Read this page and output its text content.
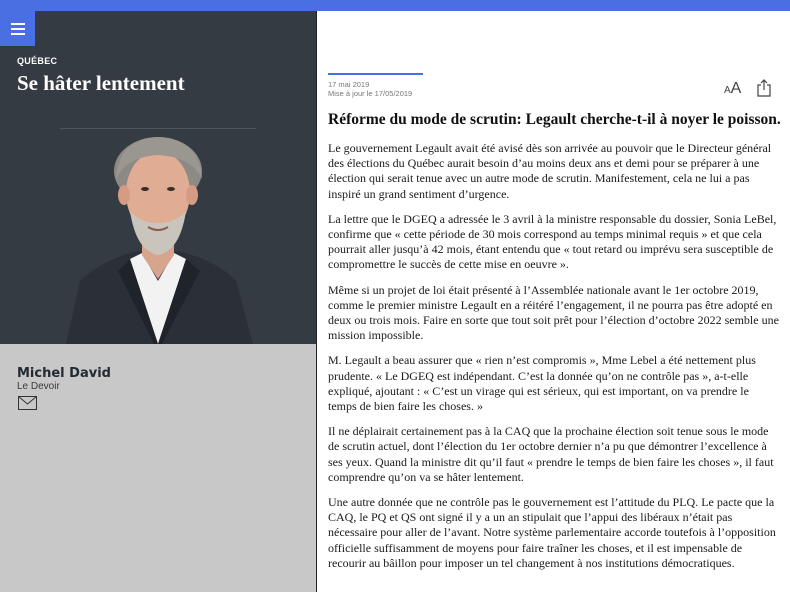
QUÉBEC
Se hâter lentement
Michel David
Le Devoir
17 mai 2019
Mise à jour le 17/05/2019	AA
Réforme du mode de scrutin: Legault cherche-t-il à noyer le poisson.

Le gouvernement Legault avait été avisé dès son arrivée au pouvoir que le Directeur général des élections du Québec aurait besoin d’au moins deux ans et demi pour se préparer à une élection qui serait tenue avec un autre mode de scrutin. Manifestement, cela ne lui a pas inspiré un grand sentiment d’urgence.

La lettre que le DGEQ a adressée le 3 avril à la ministre responsable du dossier, Sonia LeBel, confirme que « cette période de 30 mois correspond au temps minimal requis » et que cela pourrait aller jusqu’à 42 mois, étant entendu que « tout retard ou imprévu sera susceptible de compromettre le succès de cette mise en oeuvre ».

Même si un projet de loi était présenté à l’Assemblée nationale avant le 1er octobre 2019, comme le premier ministre Legault en a réitéré l’engagement, il ne pourra pas être adopté en deux ou trois mois. Faire en sorte que tout soit prêt pour l’élection d’octobre 2022 semble une mission impossible.

M. Legault a beau assurer que « rien n’est compromis », Mme Lebel a été nettement plus prudente. « Le DGEQ est indépendant. C’est la donnée qu’on ne contrôle pas », a-t-elle expliqué, ajoutant : « C’est un virage qui est sérieux, qui est important, on va prendre le temps de bien faire les choses. »

Il ne déplairait certainement pas à la CAQ que la prochaine élection soit tenue sous le mode de scrutin actuel, dont l’élection du 1er octobre dernier n’a pu que démontrer l’excellence à ses yeux. Quand la ministre dit qu’il faut « prendre le temps de bien faire les choses », il faut comprendre qu’on va se hâter lentement.

Une autre donnée que ne contrôle pas le gouvernement est l’attitude du PLQ. Le pacte que la CAQ, le PQ et QS ont signé il y a un an stipulait que l’appui des libéraux n’était pas nécessaire pour aller de l’avant. Notre système parlementaire accorde toutefois à l’opposition officielle suffisamment de moyens pour faire traîner les choses, et il est impensable de recourir au bâillon pour imposer un tel changement à nos institutions démocratiques.
